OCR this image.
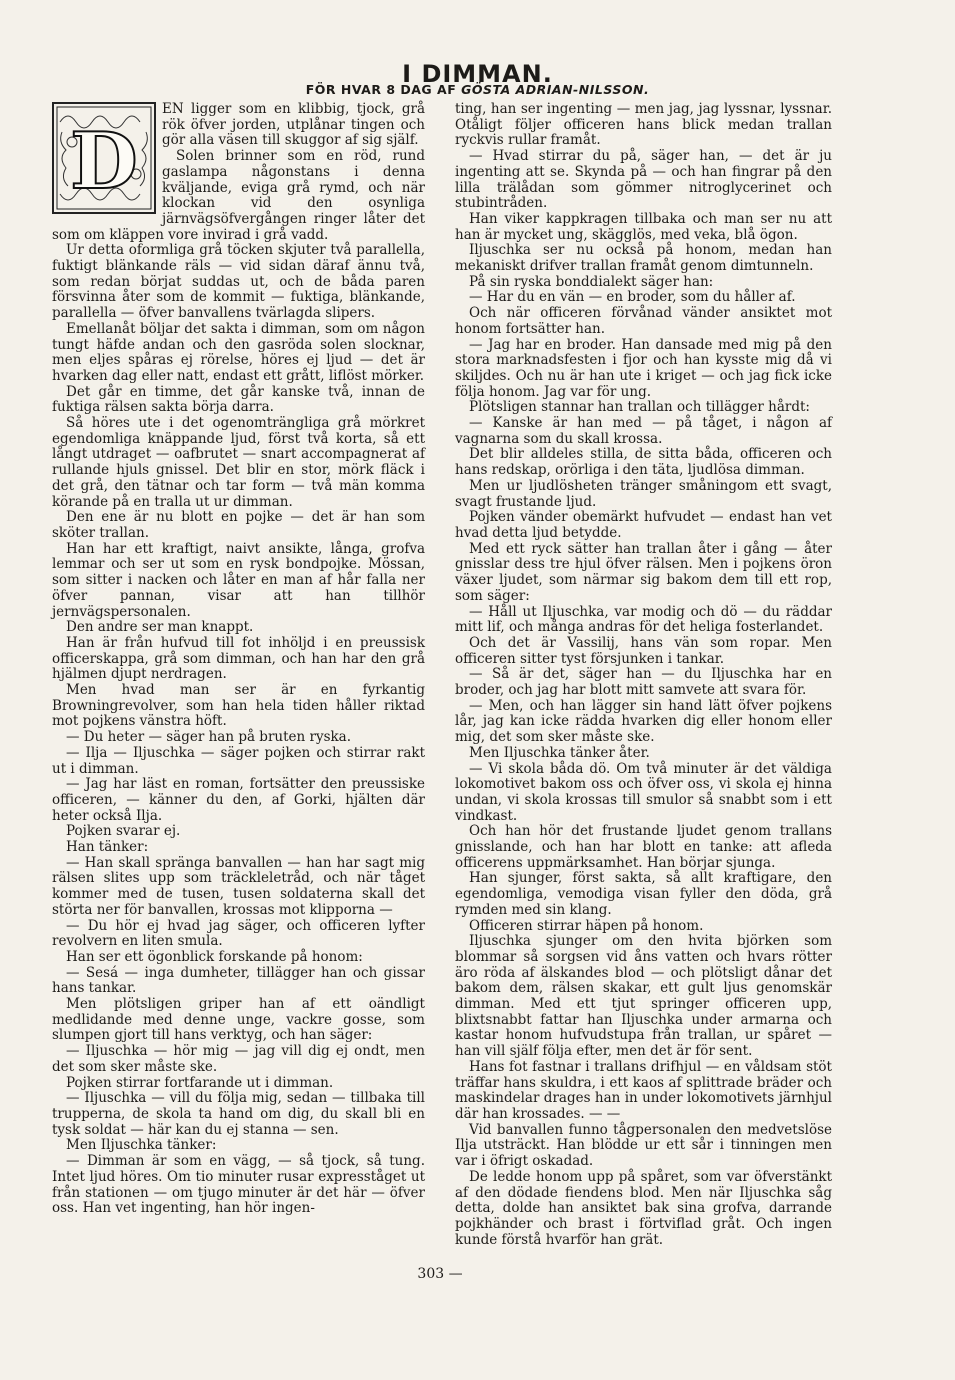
I DIMMAN.
FÖR HVAR 8 DAG AF GÖSTA ADRIAN-NILSSON.
D

EN ligger som en klibbig, tjock, grå rök öfver jorden, utplånar tingen och gör alla väsen till skuggor af sig själf.

Solen brinner som en röd, rund gaslampa någonstans i denna kvälјande, eviga grå rymd, och när klockan vid den osynliga järnvägsöfvergången ringer låter det som om kläppen vore invirad i grå vadd.

Ur detta oformliga grå töcken skjuter två parallella, fuktigt blänkande räls — vid sidan däraf ännu två, som redan börjat suddas ut, och de båda paren försvinna åter som de kommit — fuktiga, blänkande, parallella — öfver banvallens tvärlagda slipers.

Emellanåt böljar det sakta i dimman, som om någon tungt häfde andan och den gasröda solen slocknar, men eljes spåras ej rörelse, höres ej ljud — det är hvarken dag eller natt, endast ett grått, liflöst mörker.

Det går en timme, det går kanske två, innan de fuktiga rälsen sakta börja darra.

Så höres ute i det ogenomträngliga grå mörkret egendomliga knäppande ljud, först två korta, så ett långt utdraget — oafbrutet — snart accompagnerat af rullande hjuls gnissel. Det blir en stor, mörk fläck i det grå, den tätnar och tar form — två män komma körande på en tralla ut ur dimman.

Den ene är nu blott en pojke — det är han som sköter trallan.

Han har ett kraftigt, naivt ansikte, långa, grofva lemmar och ser ut som en rysk bondpojke. Mössan, som sitter i nacken och låter en man af hår falla ner öfver pannan, visar att han tillhör jernvägspersonalen.

Den andre ser man knappt.

Han är från hufvud till fot inhöljd i en preussisk officerskappa, grå som dimman, och han har den grå hjälmen djupt nerdragen.

Men hvad man ser är en fyrkantig Browningrevolver, som han hela tiden håller riktad mot pojkens vänstra höft.

— Du heter — säger han på bruten ryska.

— Ilja — Iljuschka — säger pojken och stirrar rakt ut i dimman.

— Jag har läst en roman, fortsätter den preussiske officeren, — känner du den, af Gorki, hjälten där heter också Ilja.

Pojken svarar ej.

Han tänker:

— Han skall spränga banvallen — han har sagt mig rälsen slites upp som träckleletråd, och när tåget kommer med de tusen, tusen soldaterna skall det störta ner för banvallen, krossas mot klipporna —

— Du hör ej hvad jag säger, och officeren lyfter revolvern en liten smula.

Han ser ett ögonblick forskande på honom:

— Sesá — inga dumheter, tillägger han och gissar hans tankar.

Men plötsligen griper han af ett oändligt medlidande med denne unge, vackre gosse, som slumpen gjort till hans verktyg, och han säger:

— Iljuschka — hör mig — jag vill dig ej ondt, men det som sker måste ske.

Pojken stirrar fortfarande ut i dimman.

— Iljuschka — vill du följa mig, sedan — tillbaka till trupperna, de skola ta hand om dig, du skall bli en tysk soldat — här kan du ej stanna — sen.

Men Iljuschka tänker:

— Dimman är som en vägg, — så tjock, så tung. Intet ljud höres. Om tio minuter rusar expresståget ut från stationen — om tjugo minuter är det här — öfver oss. Han vet ingenting, han hör ingen-

ting, han ser ingenting — men jag, jag lyssnar, lyssnar. Otåligt följer officeren hans blick medan trallan ryckvis rullar framåt.

— Hvad stirrar du på, säger han, — det är ju ingenting att se. Skynda på — och han fingrar på den lilla trälådan som gömmer nitroglycerinet och stubintråden.

Han viker kappkragen tillbaka och man ser nu att han är mycket ung, skägglös, med veka, blå ögon.

Iljuschka ser nu också på honom, medan han mekaniskt drifver trallan framåt genom dimtunneln.

På sin ryska bonddialekt säger han:

— Har du en vän — en broder, som du håller af.

Och när officeren förvånad vänder ansiktet mot honom fortsätter han.

— Jag har en broder. Han dansade med mig på den stora marknadsfesten i fjor och han kysste mig då vi skiljdes. Och nu är han ute i kriget — och jag fick icke följa honom. Jag var för ung.

Plötsligen stannar han trallan och tillägger hårdt:

— Kanske är han med — på tåget, i någon af vagnarna som du skall krossa.

Det blir alldeles stilla, de sitta båda, officeren och hans redskap, orörliga i den täta, ljudlösa dimman.

Men ur ljudlösheten tränger småningom ett svagt, svagt frustande ljud.

Pojken vänder obemärkt hufvudet — endast han vet hvad detta ljud betydde.

Med ett ryck sätter han trallan åter i gång — åter gnisslar dess tre hjul öfver rälsen. Men i pojkens öron växer ljudet, som närmar sig bakom dem till ett rop, som säger:

— Håll ut Iljuschka, var modig och dö — du räddar mitt lif, och många andras för det heliga fosterlandet.

Och det är Vassilij, hans vän som ropar. Men officeren sitter tyst försjunken i tankar.

— Så är det, säger han — du Iljuschka har en broder, och jag har blott mitt samvete att svara för.

— Men, och han lägger sin hand lätt öfver pojkens lår, jag kan icke rädda hvarken dig eller honom eller mig, det som sker måste ske.

Men Iljuschka tänker åter.

— Vi skola båda dö. Om två minuter är det väldiga lokomotivet bakom oss och öfver oss, vi skola ej hinna undan, vi skola krossas till smulor så snabbt som i ett vindkast.

Och han hör det frustande ljudet genom trallans gnisslande, och han har blott en tanke: att afleda officerens uppmärksamhet. Han börjar sjunga.

Han sjunger, först sakta, så allt kraftigare, den egendomliga, vemodiga visan fyller den döda, grå rymden med sin klang.

Officeren stirrar häpen på honom.

Iljuschka sjunger om den hvita björken som blommar så sorgsen vid åns vatten och hvars rötter äro röda af älskandes blod — och plötsligt dånar det bakom dem, rälsen skakar, ett gult ljus genomskär dimman. Med ett tjut springer officeren upp, blixtsnabbt fattar han Iljuschka under armarna och kastar honom hufvudstupa från trallan, ur spåret — han vill själf följa efter, men det är för sent.

Hans fot fastnar i trallans drifhjul — en våldsam stöt träffar hans skuldra, i ett kaos af splittrade bräder och maskindelar drages han in under lokomotivets järnhjul där han krossades. — —

Vid banvallen funno tågpersonalen den medvetslöse Ilja utsträckt. Han blödde ur ett sår i tinningen men var i öfrigt oskadad.

De ledde honom upp på spåret, som var öfverstänkt af den dödade fiendens blod. Men när Iljuschka såg detta, dolde han ansiktet bak sina grofva, darrande pojkhänder och brast i förtviflad gråt. Och ingen kunde förstå hvarför han grät.

303 —
